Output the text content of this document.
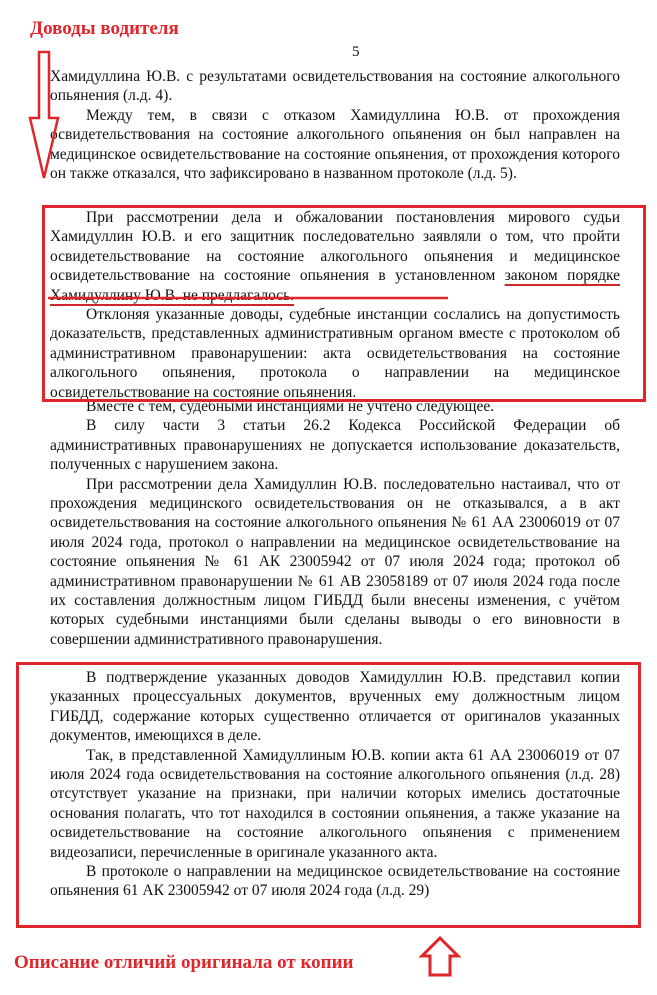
Доводы водителя
5

Хамидуллина Ю.В. с результатами освидетельствования на состояние алкогольного опьянения (л.д. 4).

Между тем, в связи с отказом Хамидуллина Ю.В. от прохождения освидетельствования на состояние алкогольного опьянения он был направлен на медицинское освидетельствование на состояние опьянения, от прохождения которого он также отказался, что зафиксировано в названном протоколе (л.д. 5).

При рассмотрении дела и обжаловании постановления мирового судьи Хамидуллин Ю.В. и его защитник последовательно заявляли о том, что пройти освидетельствование на состояние алкогольного опьянения и медицинское освидетельствование на состояние опьянения в установленном законом порядке Хамидуллину Ю.В. не предлагалось.

Отклоняя указанные доводы, судебные инстанции сослались на допустимость доказательств, представленных административным органом вместе с протоколом об административном правонарушении: акта освидетельствования на состояние алкогольного опьянения, протокола о направлении на медицинское освидетельствование на состояние опьянения.

Вместе с тем, судебными инстанциями не учтено следующее.

В силу части 3 статьи 26.2 Кодекса Российской Федерации об административных правонарушениях не допускается использование доказательств, полученных с нарушением закона.

При рассмотрении дела Хамидуллин Ю.В. последовательно настаивал, что от прохождения медицинского освидетельствования он не отказывался, а в акт освидетельствования на состояние алкогольного опьянения № 61 АА 23006019 от 07 июля 2024 года, протокол о направлении на медицинское освидетельствование на состояние опьянения № 61 АК 23005942 от 07 июля 2024 года; протокол об административном правонарушении № 61 АВ 23058189 от 07 июля 2024 года после их составления должностным лицом ГИБДД были внесены изменения, с учётом которых судебными инстанциями были сделаны выводы о его виновности в совершении административного правонарушения.

В подтверждение указанных доводов Хамидуллин Ю.В. представил копии указанных процессуальных документов, врученных ему должностным лицом ГИБДД, содержание которых существенно отличается от оригиналов указанных документов, имеющихся в деле.

Так, в представленной Хамидуллиным Ю.В. копии акта 61 АА 23006019 от 07 июля 2024 года освидетельствования на состояние алкогольного опьянения (л.д. 28) отсутствует указание на признаки, при наличии которых имелись достаточные основания полагать, что тот находился в состоянии опьянения, а также указание на освидетельствование на состояние алкогольного опьянения с применением видеозаписи, перечисленные в оригинале указанного акта.

В протоколе о направлении на медицинское освидетельствование на состояние опьянения 61 АК 23005942 от 07 июля 2024 года (л.д. 29)

Описание отличий оригинала от копии
